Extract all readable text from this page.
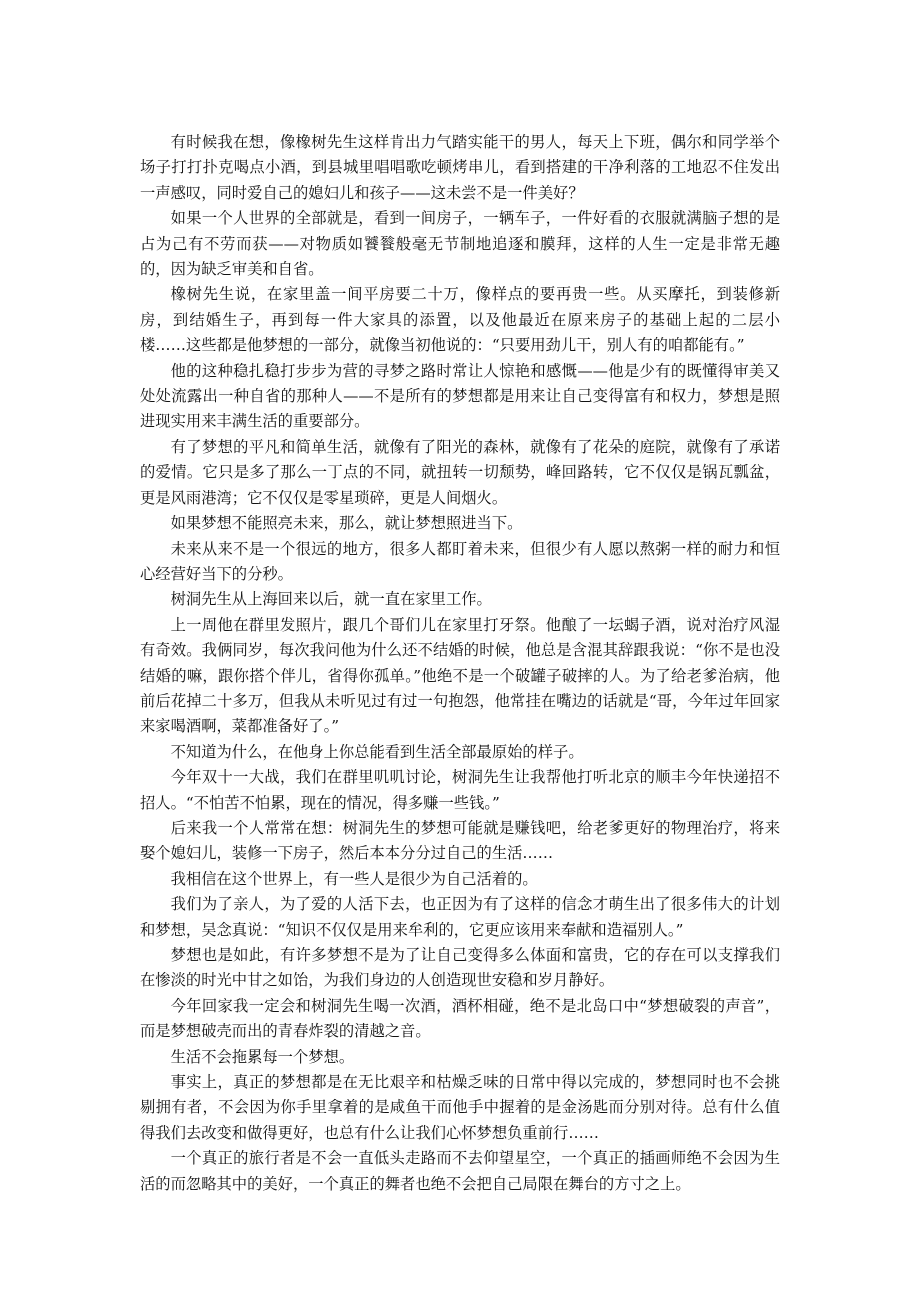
有时候我在想，像橡树先生这样肯出力气踏实能干的男人，每天上下班，偶尔和同学举个场子打打扑克喝点小酒，到县城里唱唱歌吃顿烤串儿，看到搭建的干净利落的工地忍不住发出一声感叹，同时爱自己的媳妇儿和孩子——这未尝不是一件美好？

如果一个人世界的全部就是，看到一间房子，一辆车子，一件好看的衣服就满脑子想的是占为己有不劳而获——对物质如饕餮般毫无节制地追逐和膜拜，这样的人生一定是非常无趣的，因为缺乏审美和自省。

橡树先生说，在家里盖一间平房要二十万，像样点的要再贵一些。从买摩托，到装修新房，到结婚生子，再到每一件大家具的添置，以及他最近在原来房子的基础上起的二层小楼……这些都是他梦想的一部分，就像当初他说的：“只要用劲儿干，别人有的咱都能有。”

他的这种稳扎稳打步步为营的寻梦之路时常让人惊艳和感慨——他是少有的既懂得审美又处处流露出一种自省的那种人——不是所有的梦想都是用来让自己变得富有和权力，梦想是照进现实用来丰满生活的重要部分。

有了梦想的平凡和简单生活，就像有了阳光的森林，就像有了花朵的庭院，就像有了承诺的爱情。它只是多了那么一丁点的不同，就扭转一切颓势，峰回路转，它不仅仅是锅瓦瓢盆，更是风雨港湾；它不仅仅是零星琐碎，更是人间烟火。

如果梦想不能照亮未来，那么，就让梦想照进当下。

未来从来不是一个很远的地方，很多人都盯着未来，但很少有人愿以熬粥一样的耐力和恒心经营好当下的分秒。

树洞先生从上海回来以后，就一直在家里工作。

上一周他在群里发照片，跟几个哥们儿在家里打牙祭。他酿了一坛蝎子酒，说对治疗风湿有奇效。我俩同岁，每次我问他为什么还不结婚的时候，他总是含混其辞跟我说：“你不是也没结婚的嘛，跟你搭个伴儿，省得你孤单。”他绝不是一个破罐子破摔的人。为了给老爹治病，他前后花掉二十多万，但我从未听见过有过一句抱怨，他常挂在嘴边的话就是“哥，今年过年回家来家喝酒啊，菜都准备好了。”

不知道为什么，在他身上你总能看到生活全部最原始的样子。

今年双十一大战，我们在群里叽叽讨论，树洞先生让我帮他打听北京的顺丰今年快递招不招人。“不怕苦不怕累，现在的情况，得多赚一些钱。”

后来我一个人常常在想：树洞先生的梦想可能就是赚钱吧，给老爹更好的物理治疗，将来娶个媳妇儿，装修一下房子，然后本本分分过自己的生活……

我相信在这个世界上，有一些人是很少为自己活着的。

我们为了亲人，为了爱的人活下去，也正因为有了这样的信念才萌生出了很多伟大的计划和梦想，吴念真说：“知识不仅仅是用来牟利的，它更应该用来奉献和造福别人。”

梦想也是如此，有许多梦想不是为了让自己变得多么体面和富贵，它的存在可以支撑我们在惨淡的时光中甘之如饴，为我们身边的人创造现世安稳和岁月静好。

今年回家我一定会和树洞先生喝一次酒，酒杯相碰，绝不是北岛口中“梦想破裂的声音”，而是梦想破壳而出的青春炸裂的清越之音。

生活不会拖累每一个梦想。

事实上，真正的梦想都是在无比艰辛和枯燥乏味的日常中得以完成的，梦想同时也不会挑剔拥有者，不会因为你手里拿着的是咸鱼干而他手中握着的是金汤匙而分别对待。总有什么值得我们去改变和做得更好，也总有什么让我们心怀梦想负重前行……

一个真正的旅行者是不会一直低头走路而不去仰望星空，一个真正的插画师绝不会因为生活的而忽略其中的美好，一个真正的舞者也绝不会把自己局限在舞台的方寸之上。
